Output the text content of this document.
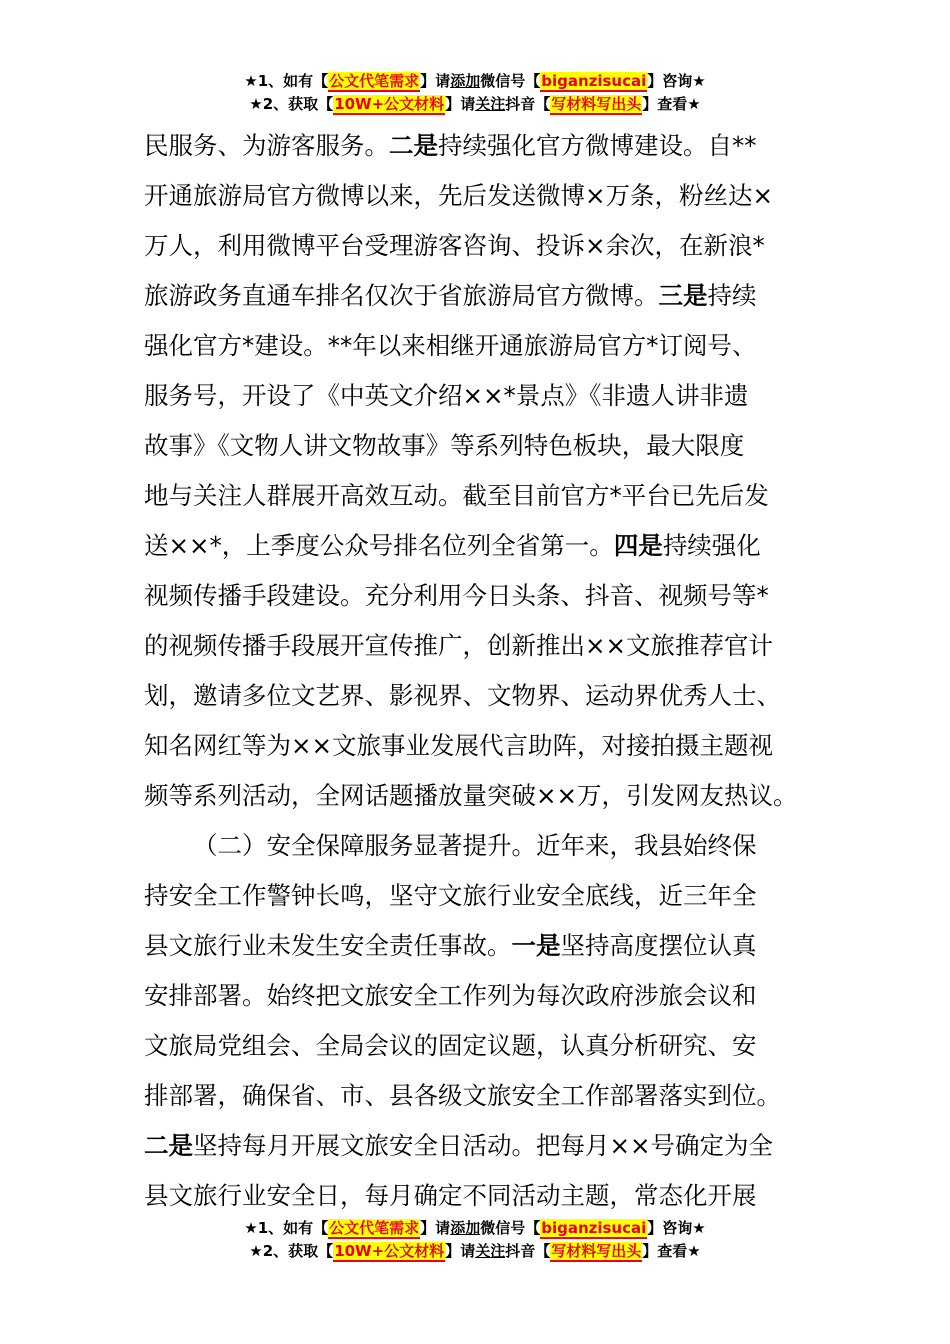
★1、如有【公文代笔需求】请添加微信号【biganzisucai】咨询★
★2、获取【10W+公文材料】请关注抖音【写材料写出头】查看★
民服务、为游客服务。二是持续强化官方微博建设。自**
开通旅游局官方微博以来，先后发送微博×万条，粉丝达×
万人，利用微博平台受理游客咨询、投诉×余次，在新浪*
旅游政务直通车排名仅次于省旅游局官方微博。三是持续
强化官方*建设。**年以来相继开通旅游局官方*订阅号、
服务号，开设了《中英文介绍××*景点》《非遗人讲非遗
故事》《文物人讲文物故事》等系列特色板块，最大限度
地与关注人群展开高效互动。截至目前官方*平台已先后发
送××*，上季度公众号排名位列全省第一。四是持续强化
视频传播手段建设。充分利用今日头条、抖音、视频号等*
的视频传播手段展开宣传推广，创新推出××文旅推荐官计
划，邀请多位文艺界、影视界、文物界、运动界优秀人士、
知名网红等为××文旅事业发展代言助阵，对接拍摄主题视
频等系列活动，全网话题播放量突破××万，引发网友热议。
（二）安全保障服务显著提升。近年来，我县始终保
持安全工作警钟长鸣，坚守文旅行业安全底线，近三年全
县文旅行业未发生安全责任事故。一是坚持高度摆位认真
安排部署。始终把文旅安全工作列为每次政府涉旅会议和
文旅局党组会、全局会议的固定议题，认真分析研究、安
排部署，确保省、市、县各级文旅安全工作部署落实到位。
二是坚持每月开展文旅安全日活动。把每月××号确定为全
县文旅行业安全日，每月确定不同活动主题，常态化开展
★1、如有【公文代笔需求】请添加微信号【biganzisucai】咨询★
★2、获取【10W+公文材料】请关注抖音【写材料写出头】查看★
